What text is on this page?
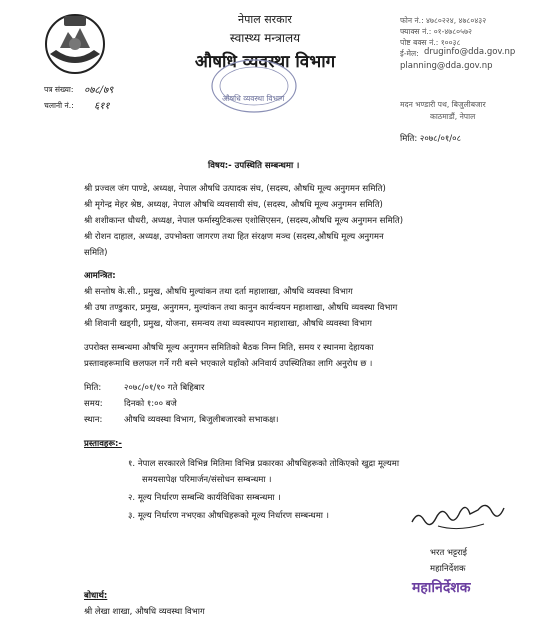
पत्र संख्या: ०७८/७९
चलानी नं.: ६११
नेपाल सरकार
स्वास्थ्य मन्त्रालय
औषधि व्यवस्था विभाग
औषधि व्यवस्था विभाग
फोन नं.: ४७८०२२४, ४७८०४३२
फ्याक्स नं.: ०१-४७८०५७२
पोष्ट बक्स नं.: १००३८
ई-मेल: druginfo@dda.gov.np
planning@dda.gov.np
मदन भण्डारी पथ, बिजुलीबजार
काठमाडौं, नेपाल
मिति: २०७८/०१/०८
विषय:- उपस्थिति सम्बन्धमा ।
श्री प्रज्वल जंग पाण्डे, अध्यक्ष, नेपाल औषधि उत्पादक संघ, (सदस्य, औषधि मूल्य अनुगमन समिति)
श्री मृगेन्द्र मेहर श्रेष्ठ, अध्यक्ष, नेपाल औषधि व्यवसायी संघ, (सदस्य, औषधि मूल्य अनुगमन समिति)
श्री शशीकान्त धौधरी, अध्यक्ष, नेपाल फर्मास्युटिकल्स एशोसिएसन, (सदस्य,औषधि मूल्य अनुगमन समिति)
श्री रोशन दाहाल, अध्यक्ष, उपभोक्ता जागरण तथा हित संरक्षण मञ्च (सदस्य,औषधि मूल्य अनुगमन
समिति)
आमन्त्रित:
श्री सन्तोष के.सी., प्रमुख, औषधि मुल्यांकन तथा दर्ता महाशाखा, औषधि व्यवस्था विभाग
श्री उषा तण्डुकार, प्रमुख, अनुगमन, मुल्यांकन तथा कानुन कार्यन्वयन महाशाखा, औषधि व्यवस्था विभाग
श्री शिवानी खड्गी, प्रमुख, योजना, समन्वय तथा व्यवस्थापन महाशाखा, औषधि व्यवस्था विभाग
उपरोक्त सम्बन्धमा औषधि मूल्य अनुगमन समितिको बैठक निम्न मिति, समय र स्थानमा देहायका
प्रस्तावहरूमाथि छलफल गर्ने गरी बस्ने भएकाले यहाँको अनिवार्य उपस्थितिका लागि अनुरोध छ ।
मिति:	२०७८/०१/१० गते बिहिबार
समय:	दिनको १:०० बजे
स्थान:	औषधि व्यवस्था विभाग, बिजुलीबजारको सभाकक्ष।
प्रस्तावहरू:-
१. नेपाल सरकारले विभिन्न मितिमा विभिन्न प्रकारका औषधिहरूको तोकिएको खुद्रा मूल्यमा
समयसापेक्ष परिमार्जन/संसोधन सम्बन्धमा ।
२. मूल्य निर्धारण सम्बन्धि कार्यविधिका सम्बन्धमा ।
३. मूल्य निर्धारण नभएका औषधिहरूको मूल्य निर्धारण सम्बन्धमा ।
भरत भट्टराई
महानिर्देशक
महानिर्देशक
बोधार्थ:
श्री लेखा शाखा, औषधि व्यवस्था विभाग
